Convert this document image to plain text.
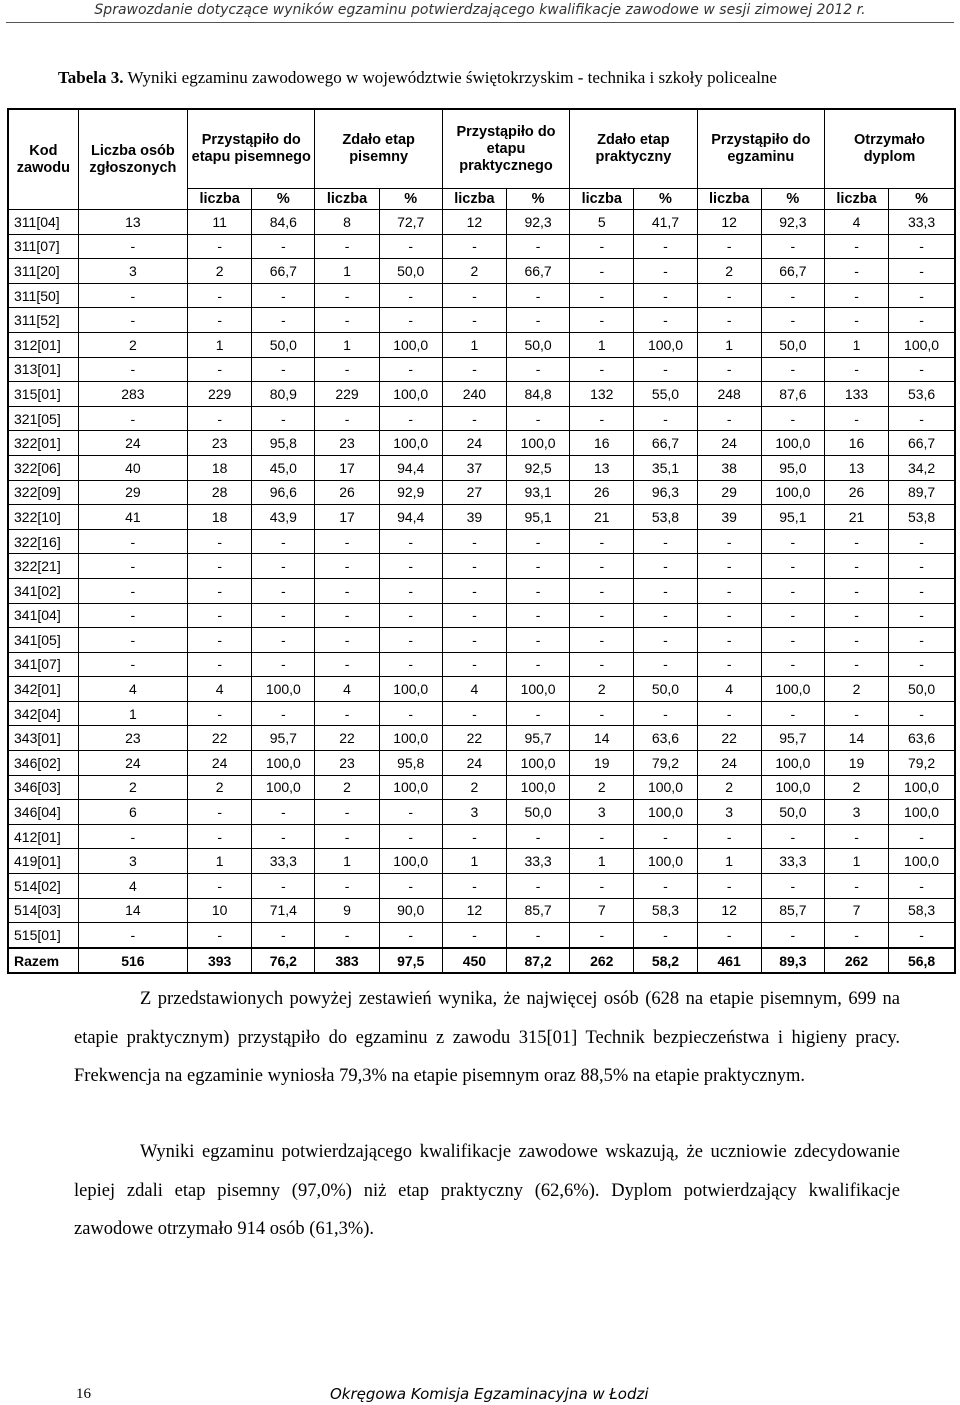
Sprawozdanie dotyczące wyników egzaminu potwierdzającego kwalifikacje zawodowe w sesji zimowej 2012 r.
Tabela 3. Wyniki egzaminu zawodowego w województwie świętokrzyskim - technika i szkoły policealne
Kod zawodu	Liczba osób zgłoszonych	Przystąpiło do etapu pisemnego		Zdało etap pisemny		Przystąpiło do etapu praktycznego		Zdało etap praktyczny		Przystąpiło do egzaminu		Otrzymało dyplom	
		liczba	%	liczba	%	liczba	%	liczba	%	liczba	%	liczba	%
311[04]	13	11	84,6	8	72,7	12	92,3	5	41,7	12	92,3	4	33,3
311[07]	-	-	-	-	-	-	-	-	-	-	-	-	-
311[20]	3	2	66,7	1	50,0	2	66,7	-	-	2	66,7	-	-
311[50]	-	-	-	-	-	-	-	-	-	-	-	-	-
311[52]	-	-	-	-	-	-	-	-	-	-	-	-	-
312[01]	2	1	50,0	1	100,0	1	50,0	1	100,0	1	50,0	1	100,0
313[01]	-	-	-	-	-	-	-	-	-	-	-	-	-
315[01]	283	229	80,9	229	100,0	240	84,8	132	55,0	248	87,6	133	53,6
321[05]	-	-	-	-	-	-	-	-	-	-	-	-	-
322[01]	24	23	95,8	23	100,0	24	100,0	16	66,7	24	100,0	16	66,7
322[06]	40	18	45,0	17	94,4	37	92,5	13	35,1	38	95,0	13	34,2
322[09]	29	28	96,6	26	92,9	27	93,1	26	96,3	29	100,0	26	89,7
322[10]	41	18	43,9	17	94,4	39	95,1	21	53,8	39	95,1	21	53,8
322[16]	-	-	-	-	-	-	-	-	-	-	-	-	-
322[21]	-	-	-	-	-	-	-	-	-	-	-	-	-
341[02]	-	-	-	-	-	-	-	-	-	-	-	-	-
341[04]	-	-	-	-	-	-	-	-	-	-	-	-	-
341[05]	-	-	-	-	-	-	-	-	-	-	-	-	-
341[07]	-	-	-	-	-	-	-	-	-	-	-	-	-
342[01]	4	4	100,0	4	100,0	4	100,0	2	50,0	4	100,0	2	50,0
342[04]	1	-	-	-	-	-	-	-	-	-	-	-	-
343[01]	23	22	95,7	22	100,0	22	95,7	14	63,6	22	95,7	14	63,6
346[02]	24	24	100,0	23	95,8	24	100,0	19	79,2	24	100,0	19	79,2
346[03]	2	2	100,0	2	100,0	2	100,0	2	100,0	2	100,0	2	100,0
346[04]	6	-	-	-	-	3	50,0	3	100,0	3	50,0	3	100,0
412[01]	-	-	-	-	-	-	-	-	-	-	-	-	-
419[01]	3	1	33,3	1	100,0	1	33,3	1	100,0	1	33,3	1	100,0
514[02]	4	-	-	-	-	-	-	-	-	-	-	-	-
514[03]	14	10	71,4	9	90,0	12	85,7	7	58,3	12	85,7	7	58,3
515[01]	-	-	-	-	-	-	-	-	-	-	-	-	-
Razem	516	393	76,2	383	97,5	450	87,2	262	58,2	461	89,3	262	56,8
Z przedstawionych powyżej zestawień wynika, że najwięcej osób (628 na etapie pisemnym, 699 na etapie praktycznym) przystąpiło do egzaminu z zawodu 315[01] Technik bezpieczeństwa i higieny pracy. Frekwencja na egzaminie wyniosła 79,3% na etapie pisemnym oraz 88,5% na etapie praktycznym.
Wyniki egzaminu potwierdzającego kwalifikacje zawodowe wskazują, że uczniowie zdecydowanie lepiej zdali etap pisemny (97,0%) niż etap praktyczny (62,6%). Dyplom potwierdzający kwalifikacje zawodowe otrzymało 914 osób (61,3%).
16	Okręgowa Komisja Egzaminacyjna w Łodzi
